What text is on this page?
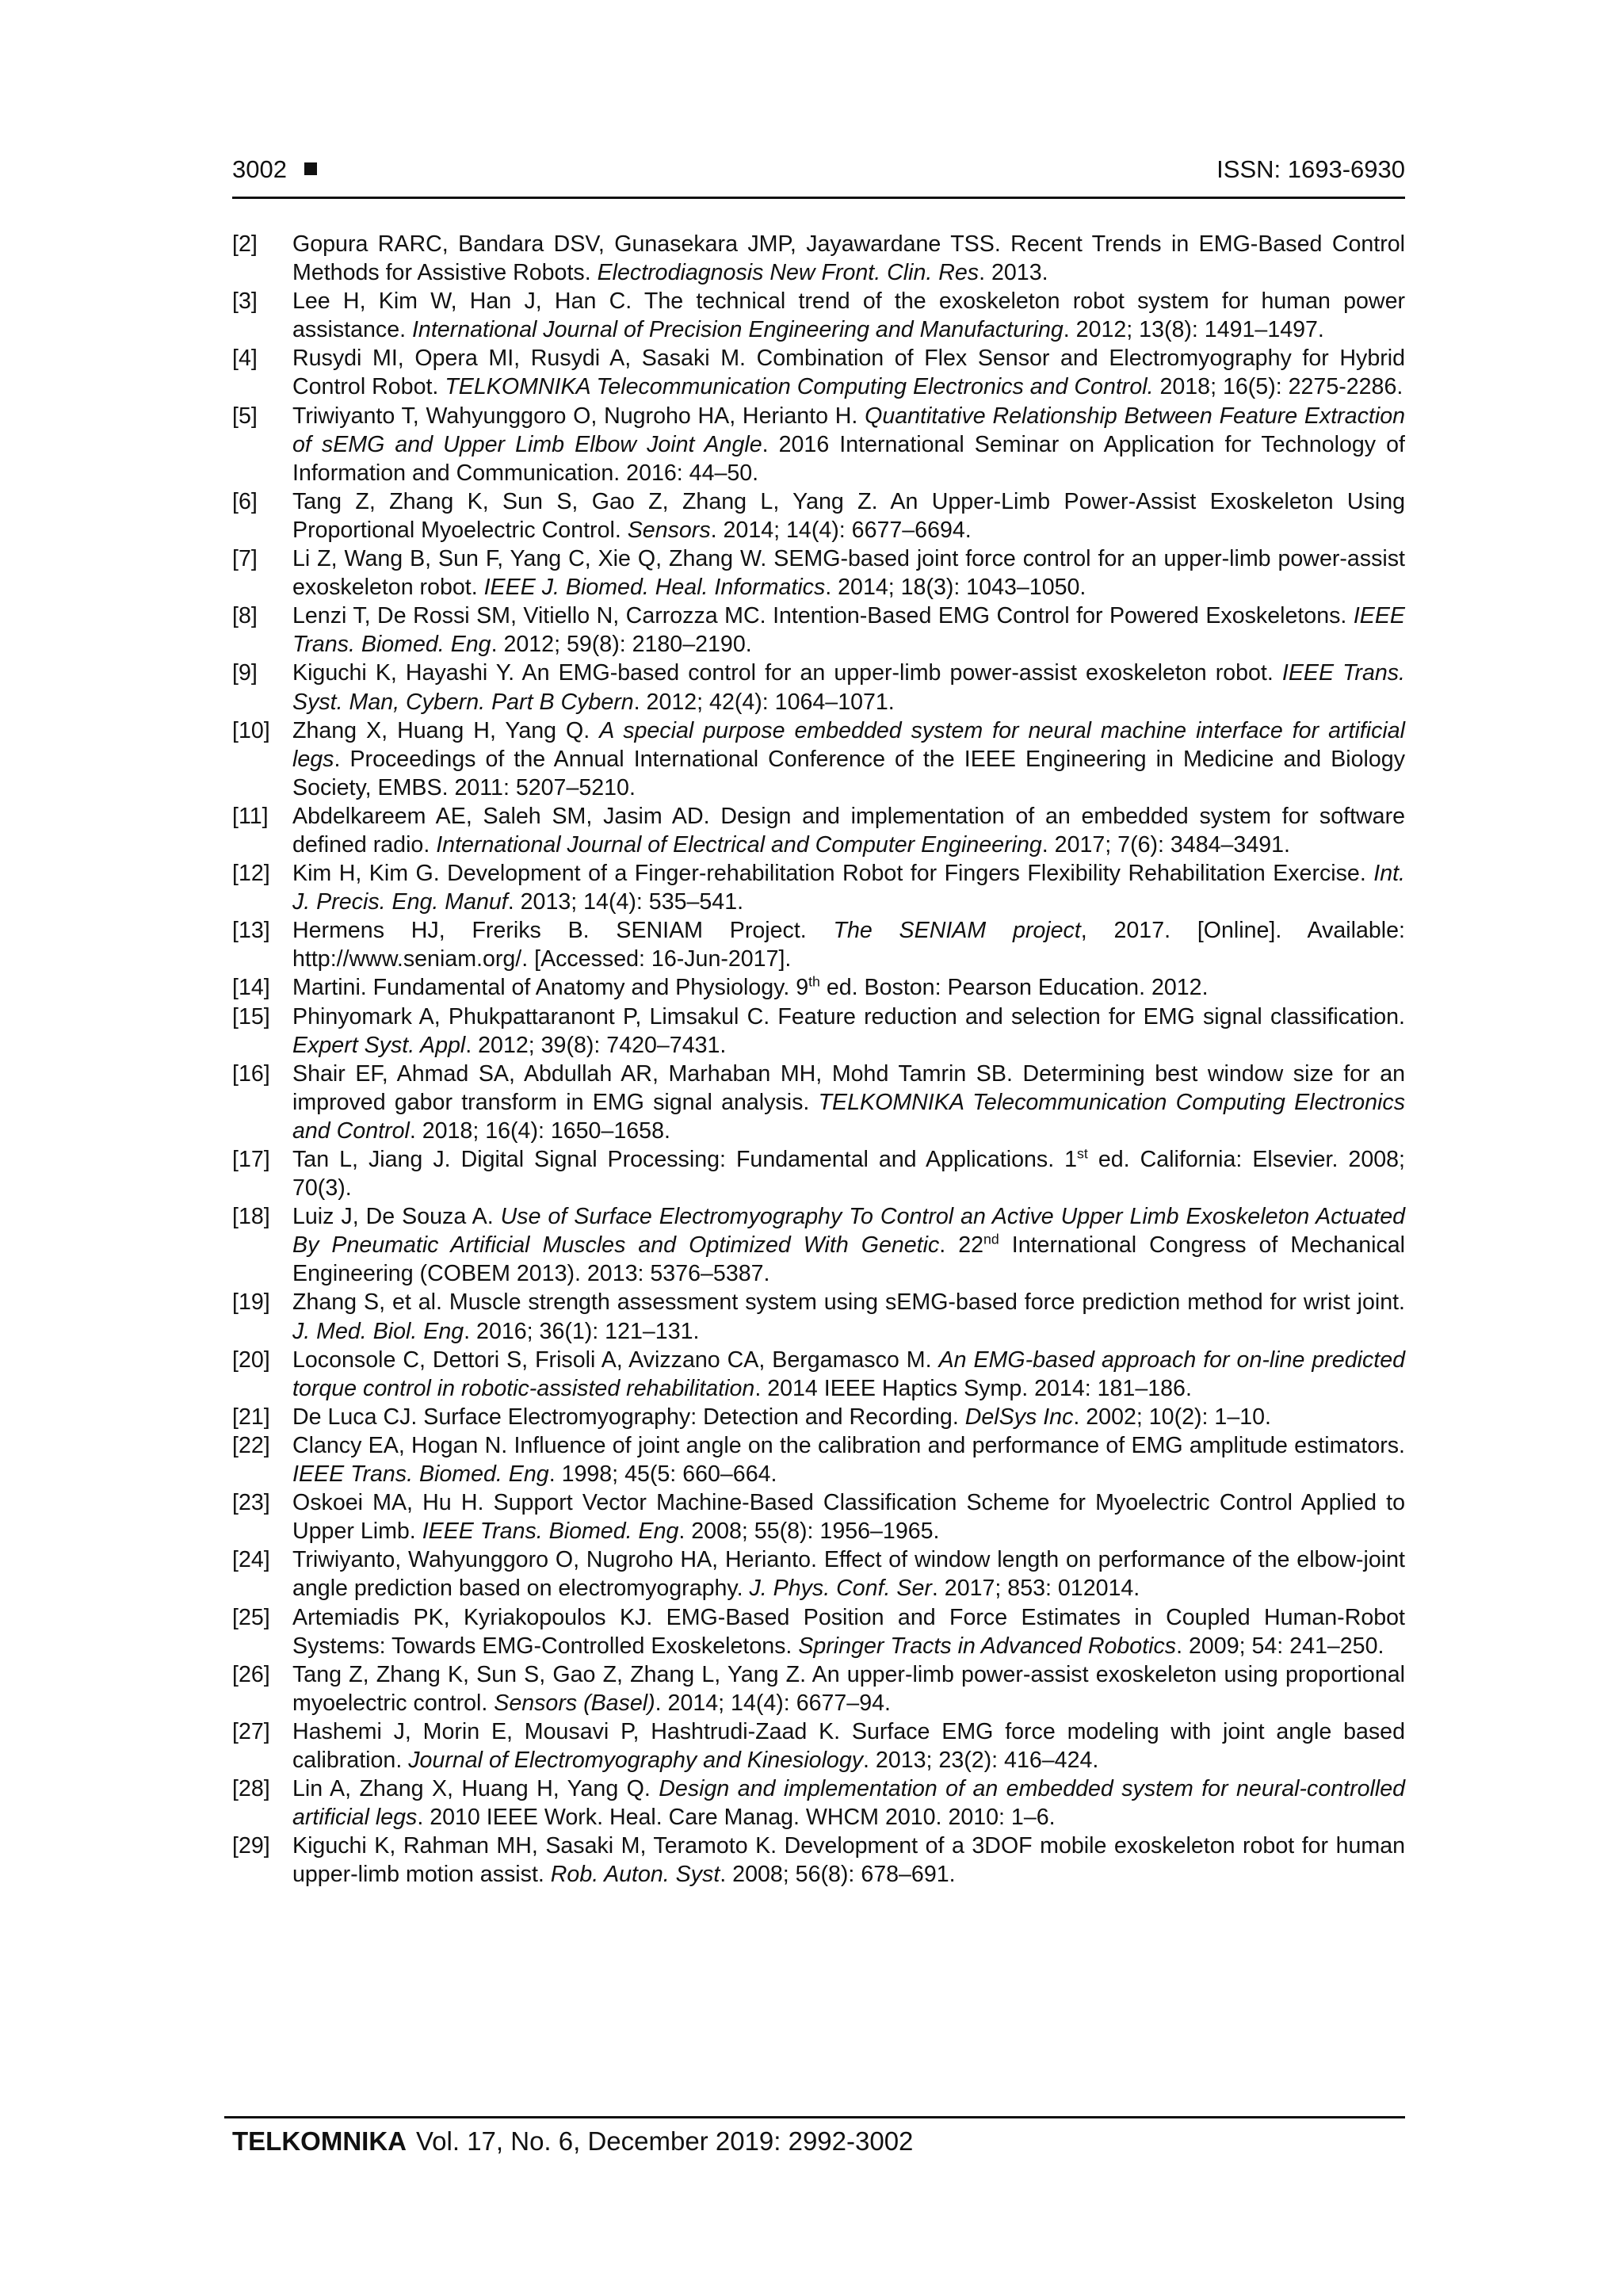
3002	ISSN: 1693-6930
[2]	Gopura RARC, Bandara DSV, Gunasekara JMP, Jayawardane TSS. Recent Trends in EMG-Based Control Methods for Assistive Robots. Electrodiagnosis New Front. Clin. Res. 2013.
[3]	Lee H, Kim W, Han J, Han C. The technical trend of the exoskeleton robot system for human power assistance. International Journal of Precision Engineering and Manufacturing. 2012; 13(8): 1491–1497.
[4]	Rusydi MI, Opera MI, Rusydi A, Sasaki M. Combination of Flex Sensor and Electromyography for Hybrid Control Robot. TELKOMNIKA Telecommunication Computing Electronics and Control. 2018; 16(5): 2275-2286.
[5]	Triwiyanto T, Wahyunggoro O, Nugroho HA, Herianto H. Quantitative Relationship Between Feature Extraction of sEMG and Upper Limb Elbow Joint Angle. 2016 International Seminar on Application for Technology of Information and Communication. 2016: 44–50.
[6]	Tang Z, Zhang K, Sun S, Gao Z, Zhang L, Yang Z. An Upper-Limb Power-Assist Exoskeleton Using Proportional Myoelectric Control. Sensors. 2014; 14(4): 6677–6694.
[7]	Li Z, Wang B, Sun F, Yang C, Xie Q, Zhang W. SEMG-based joint force control for an upper-limb power-assist exoskeleton robot. IEEE J. Biomed. Heal. Informatics. 2014; 18(3): 1043–1050.
[8]	Lenzi T, De Rossi SM, Vitiello N, Carrozza MC. Intention-Based EMG Control for Powered Exoskeletons. IEEE Trans. Biomed. Eng. 2012; 59(8): 2180–2190.
[9]	Kiguchi K, Hayashi Y. An EMG-based control for an upper-limb power-assist exoskeleton robot. IEEE Trans. Syst. Man, Cybern. Part B Cybern. 2012; 42(4): 1064–1071.
[10] Zhang X, Huang H, Yang Q. A special purpose embedded system for neural machine interface for artificial legs. Proceedings of the Annual International Conference of the IEEE Engineering in Medicine and Biology Society, EMBS. 2011: 5207–5210.
[11]	Abdelkareem AE, Saleh SM, Jasim AD. Design and implementation of an embedded system for software defined radio. International Journal of Electrical and Computer Engineering. 2017; 7(6): 3484–3491.
[12] Kim H, Kim G. Development of a Finger-rehabilitation Robot for Fingers Flexibility Rehabilitation Exercise. Int. J. Precis. Eng. Manuf. 2013; 14(4): 535–541.
[13] Hermens HJ, Freriks B. SENIAM Project. The SENIAM project, 2017. [Online]. Available: http://www.seniam.org/. [Accessed: 16-Jun-2017].
[14] Martini. Fundamental of Anatomy and Physiology. 9th ed. Boston: Pearson Education. 2012.
[15] Phinyomark A, Phukpattaranont P, Limsakul C. Feature reduction and selection for EMG signal classification. Expert Syst. Appl. 2012; 39(8): 7420–7431.
[16] Shair EF, Ahmad SA, Abdullah AR, Marhaban MH, Mohd Tamrin SB. Determining best window size for an improved gabor transform in EMG signal analysis. TELKOMNIKA Telecommunication Computing Electronics and Control. 2018; 16(4): 1650–1658.
[17] Tan L, Jiang J. Digital Signal Processing: Fundamental and Applications. 1st ed. California: Elsevier. 2008; 70(3).
[18] Luiz J, De Souza A. Use of Surface Electromyography To Control an Active Upper Limb Exoskeleton Actuated By Pneumatic Artificial Muscles and Optimized With Genetic. 22nd International Congress of Mechanical Engineering (COBEM 2013). 2013: 5376–5387.
[19] Zhang S, et al. Muscle strength assessment system using sEMG-based force prediction method for wrist joint. J. Med. Biol. Eng. 2016; 36(1): 121–131.
[20] Loconsole C, Dettori S, Frisoli A, Avizzano CA, Bergamasco M. An EMG-based approach for on-line predicted torque control in robotic-assisted rehabilitation. 2014 IEEE Haptics Symp. 2014: 181–186.
[21] De Luca CJ. Surface Electromyography: Detection and Recording. DelSys Inc. 2002; 10(2): 1–10.
[22] Clancy EA, Hogan N. Influence of joint angle on the calibration and performance of EMG amplitude estimators. IEEE Trans. Biomed. Eng. 1998; 45(5: 660–664.
[23] Oskoei MA, Hu H. Support Vector Machine-Based Classification Scheme for Myoelectric Control Applied to Upper Limb. IEEE Trans. Biomed. Eng. 2008; 55(8): 1956–1965.
[24] Triwiyanto, Wahyunggoro O, Nugroho HA, Herianto. Effect of window length on performance of the elbow-joint angle prediction based on electromyography. J. Phys. Conf. Ser. 2017; 853: 012014.
[25] Artemiadis PK, Kyriakopoulos KJ. EMG-Based Position and Force Estimates in Coupled Human-Robot Systems: Towards EMG-Controlled Exoskeletons. Springer Tracts in Advanced Robotics. 2009; 54: 241–250.
[26] Tang Z, Zhang K, Sun S, Gao Z, Zhang L, Yang Z. An upper-limb power-assist exoskeleton using proportional myoelectric control. Sensors (Basel). 2014; 14(4): 6677–94.
[27] Hashemi J, Morin E, Mousavi P, Hashtrudi-Zaad K. Surface EMG force modeling with joint angle based calibration. Journal of Electromyography and Kinesiology. 2013; 23(2): 416–424.
[28] Lin A, Zhang X, Huang H, Yang Q. Design and implementation of an embedded system for neural-controlled artificial legs. 2010 IEEE Work. Heal. Care Manag. WHCM 2010. 2010: 1–6.
[29] Kiguchi K, Rahman MH, Sasaki M, Teramoto K. Development of a 3DOF mobile exoskeleton robot for human upper-limb motion assist. Rob. Auton. Syst. 2008; 56(8): 678–691.
TELKOMNIKA Vol. 17, No. 6, December 2019: 2992-3002
